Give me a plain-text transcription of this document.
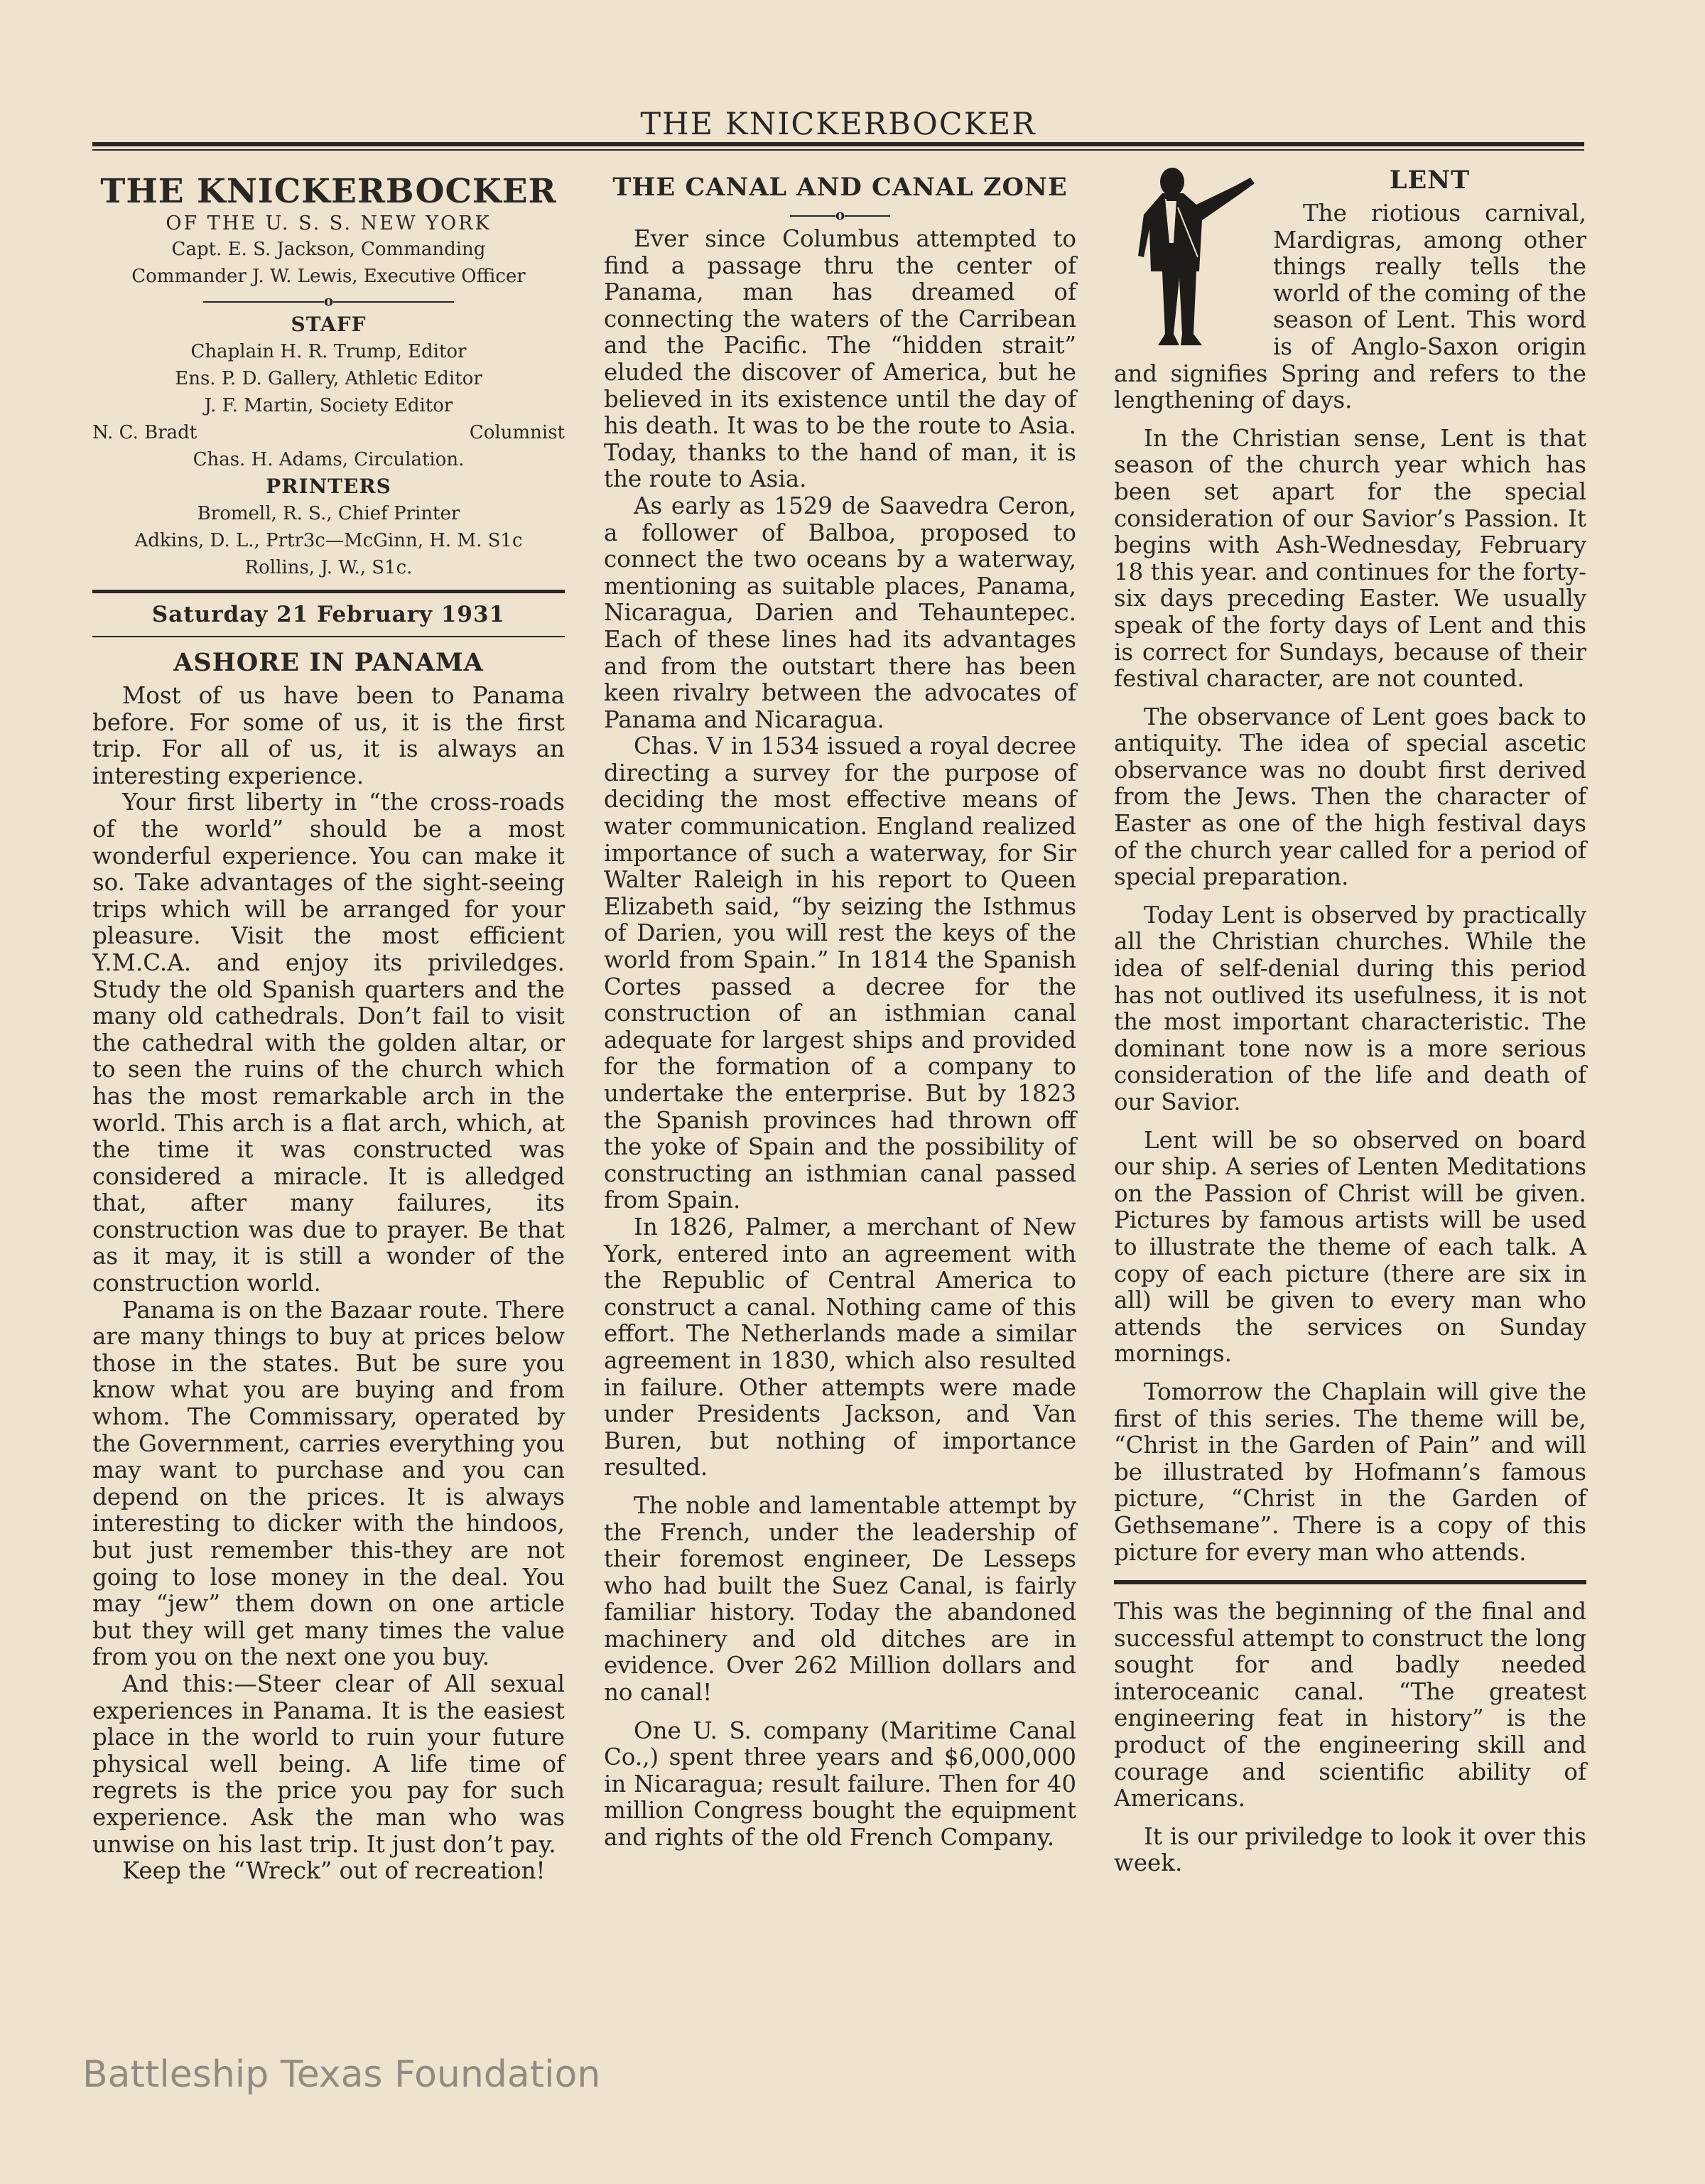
THE KNICKERBOCKER
THE KNICKERBOCKER
OF THE U. S. S. NEW YORK
Capt. E. S. Jackson, Commanding
Commander J. W. Lewis, Executive Officer
o
STAFF
Chaplain H. R. Trump, Editor
Ens. P. D. Gallery, Athletic Editor
J. F. Martin, Society Editor
N. C. Bradt	Columnist
Chas. H. Adams, Circulation.
PRINTERS
Bromell, R. S., Chief Printer
Adkins, D. L., Prtr3c—McGinn, H. M. S1c
Rollins, J. W., S1c.
Saturday 21 February 1931
ASHORE IN PANAMA

Most of us have been to Panama before. For some of us, it is the first trip. For all of us, it is always an interesting experience.

Your first liberty in “the cross-roads of the world” should be a most wonderful experience. You can make it so. Take advantages of the sight-seeing trips which will be arranged for your pleasure. Visit the most efficient Y.M.C.A. and enjoy its priviledges. Study the old Spanish quarters and the many old cathedrals. Don’t fail to visit the cathedral with the golden altar, or to seen the ruins of the church which has the most remarkable arch in the world. This arch is a flat arch, which, at the time it was constructed was considered a miracle. It is alledged that, after many failures, its construction was due to prayer. Be that as it may, it is still a wonder of the construction world.

Panama is on the Bazaar route. There are many things to buy at prices below those in the states. But be sure you know what you are buying and from whom. The Commissary, operated by the Government, carries everything you may want to purchase and you can depend on the prices. It is always interesting to dicker with the hindoos, but just remember this-they are not going to lose money in the deal. You may “jew” them down on one article but they will get many times the value from you on the next one you buy.

And this:—Steer clear of All sexual experiences in Panama. It is the easiest place in the world to ruin your future physical well being. A life time of regrets is the price you pay for such experience. Ask the man who was unwise on his last trip. It just don’t pay.

Keep the “Wreck” out of recreation!

THE CANAL AND CANAL ZONE
o

Ever since Columbus attempted to find a passage thru the center of Panama, man has dreamed of connecting the waters of the Carribean and the Pacific. The “hidden strait” eluded the discover of America, but he believed in its existence until the day of his death. It was to be the route to Asia. Today, thanks to the hand of man, it is the route to Asia.

As early as 1529 de Saavedra Ceron, a follower of Balboa, proposed to connect the two oceans by a waterway, mentioning as suitable places, Panama, Nicaragua, Darien and Tehauntepec. Each of these lines had its advantages and from the outstart there has been keen rivalry between the advocates of Panama and Nicaragua.

Chas. V in 1534 issued a royal decree directing a survey for the purpose of deciding the most effective means of water communication. England realized importance of such a waterway, for Sir Walter Raleigh in his report to Queen Elizabeth said, “by seizing the Isthmus of Darien, you will rest the keys of the world from Spain.” In 1814 the Spanish Cortes passed a decree for the construction of an isthmian canal adequate for largest ships and provided for the formation of a company to undertake the enterprise. But by 1823 the Spanish provinces had thrown off the yoke of Spain and the possibility of constructing an isthmian canal passed from Spain.

In 1826, Palmer, a merchant of New York, entered into an agreement with the Republic of Central America to construct a canal. Nothing came of this effort. The Netherlands made a similar agreement in 1830, which also resulted in failure. Other attempts were made under Presidents Jackson, and Van Buren, but nothing of importance resulted.

The noble and lamentable attempt by the French, under the leadership of their foremost engineer, De Lesseps who had built the Suez Canal, is fairly familiar history. Today the abandoned machinery and old ditches are in evidence. Over 262 Million dollars and no canal!

One U. S. company (Maritime Canal Co.,) spent three years and $6,000,000 in Nicaragua; result failure. Then for 40 million Congress bought the equipment and rights of the old French Company.

LENT

The riotious carnival, Mardigras, among other things really tells the world of the coming of the season of Lent. This word is of Anglo-Saxon origin and signifies Spring and refers to the lengthening of days.

In the Christian sense, Lent is that season of the church year which has been set apart for the special consideration of our Savior’s Passion. It begins with Ash-Wednesday, February 18 this year. and continues for the forty-six days preceding Easter. We usually speak of the forty days of Lent and this is correct for Sundays, because of their festival character, are not counted.

The observance of Lent goes back to antiquity. The idea of special ascetic observance was no doubt first derived from the Jews. Then the character of Easter as one of the high festival days of the church year called for a period of special preparation.

Today Lent is observed by practically all the Christian churches. While the idea of self-denial during this period has not outlived its usefulness, it is not the most important characteristic. The dominant tone now is a more serious consideration of the life and death of our Savior.

Lent will be so observed on board our ship. A series of Lenten Meditations on the Passion of Christ will be given. Pictures by famous artists will be used to illustrate the theme of each talk. A copy of each picture (there are six in all) will be given to every man who attends the services on Sunday mornings.

Tomorrow the Chaplain will give the first of this series. The theme will be, “Christ in the Garden of Pain” and will be illustrated by Hofmann’s famous picture, “Christ in the Garden of Gethsemane”. There is a copy of this picture for every man who attends.

This was the beginning of the final and successful attempt to construct the long sought for and badly needed interoceanic canal. “The greatest engineering feat in history” is the product of the engineering skill and courage and scientific ability of Americans.

It is our priviledge to look it over this week.

Battleship Texas Foundation
